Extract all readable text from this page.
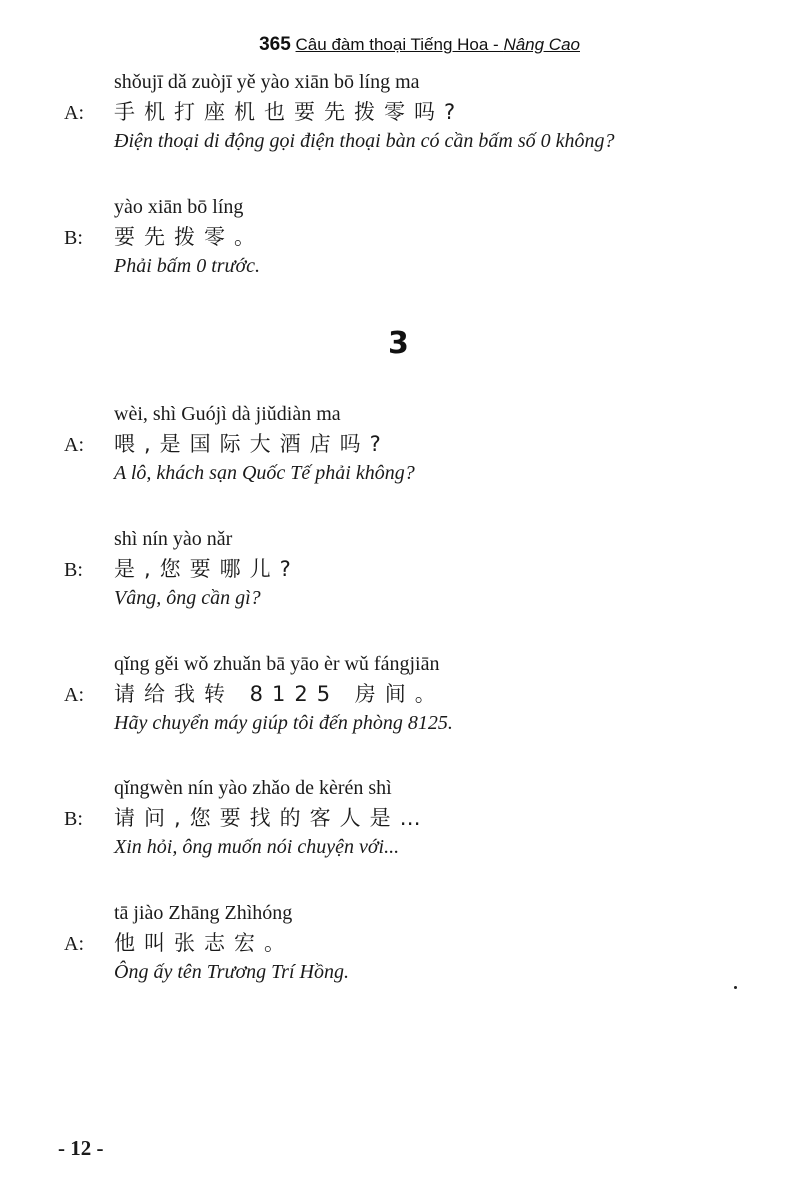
365 Câu đàm thoại Tiếng Hoa - Nâng Cao
shǒujī dǎ zuòjī yě yào xiān bō líng ma
A: 手机打座机也要先拨零吗?
Điện thoại di động gọi điện thoại bàn có cần bấm số 0 không?
yào xiān bō líng
B: 要先拨零。
Phải bấm 0 trước.
3
wèi, shì Guójì dà jiǔdiàn ma
A: 喂,是国际大酒店吗?
A lô, khách sạn Quốc Tế phải không?
shì nín yào nǎr
B: 是,您要哪儿?
Vâng, ông cần gì?
qǐng gěi wǒ zhuǎn bā yāo èr wǔ fángjiān
A: 请给我转 8125 房间。
Hãy chuyển máy giúp tôi đến phòng 8125.
qǐngwèn nín yào zhǎo de kèrén shì
B: 请问,您要找的客人是…
Xin hỏi, ông muốn nói chuyện với...
tā jiào Zhāng Zhìhóng
A: 他叫张志宏。
Ông ấy tên Trương Trí Hồng.
- 12 -
